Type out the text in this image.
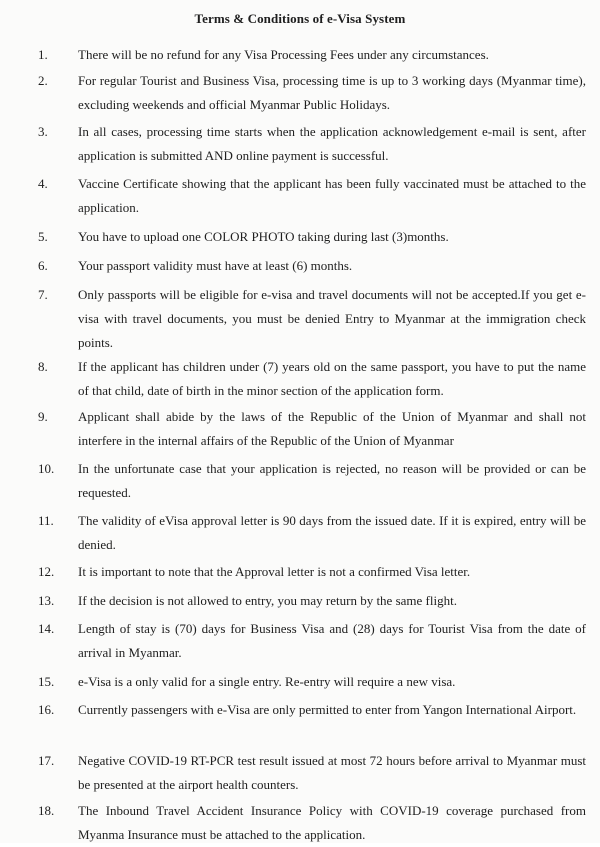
Terms & Conditions of e-Visa System
1. There will be no refund for any Visa Processing Fees under any circumstances.
2. For regular Tourist and Business Visa, processing time is up to 3 working days (Myanmar time), excluding weekends and official Myanmar Public Holidays.
3. In all cases, processing time starts when the application acknowledgement e-mail is sent, after application is submitted AND online payment is successful.
4. Vaccine Certificate showing that the applicant has been fully vaccinated must be attached to the application.
5. You have to upload one COLOR PHOTO taking during last (3)months.
6. Your passport validity must have at least (6) months.
7. Only passports will be eligible for e-visa and travel documents will not be accepted.If you get e-visa with travel documents, you must be denied Entry to Myanmar at the immigration check points.
8. If the applicant has children under (7) years old on the same passport, you have to put the name of that child, date of birth in the minor section of the application form.
9. Applicant shall abide by the laws of the Republic of the Union of Myanmar and shall not interfere in the internal affairs of the Republic of the Union of Myanmar
10. In the unfortunate case that your application is rejected, no reason will be provided or can be requested.
11. The validity of eVisa approval letter is 90 days from the issued date. If it is expired, entry will be denied.
12. It is important to note that the Approval letter is not a confirmed Visa letter.
13. If the decision is not allowed to entry, you may return by the same flight.
14. Length of stay is (70) days for Business Visa and (28) days for Tourist Visa from the date of arrival in Myanmar.
15. e-Visa is a only valid for a single entry. Re-entry will require a new visa.
16. Currently passengers with e-Visa are only permitted to enter from Yangon International Airport.
17. Negative COVID-19 RT-PCR test result issued at most 72 hours before arrival to Myanmar must be presented at the airport health counters.
18. The Inbound Travel Accident Insurance Policy with COVID-19 coverage purchased from Myanma Insurance must be attached to the application.
